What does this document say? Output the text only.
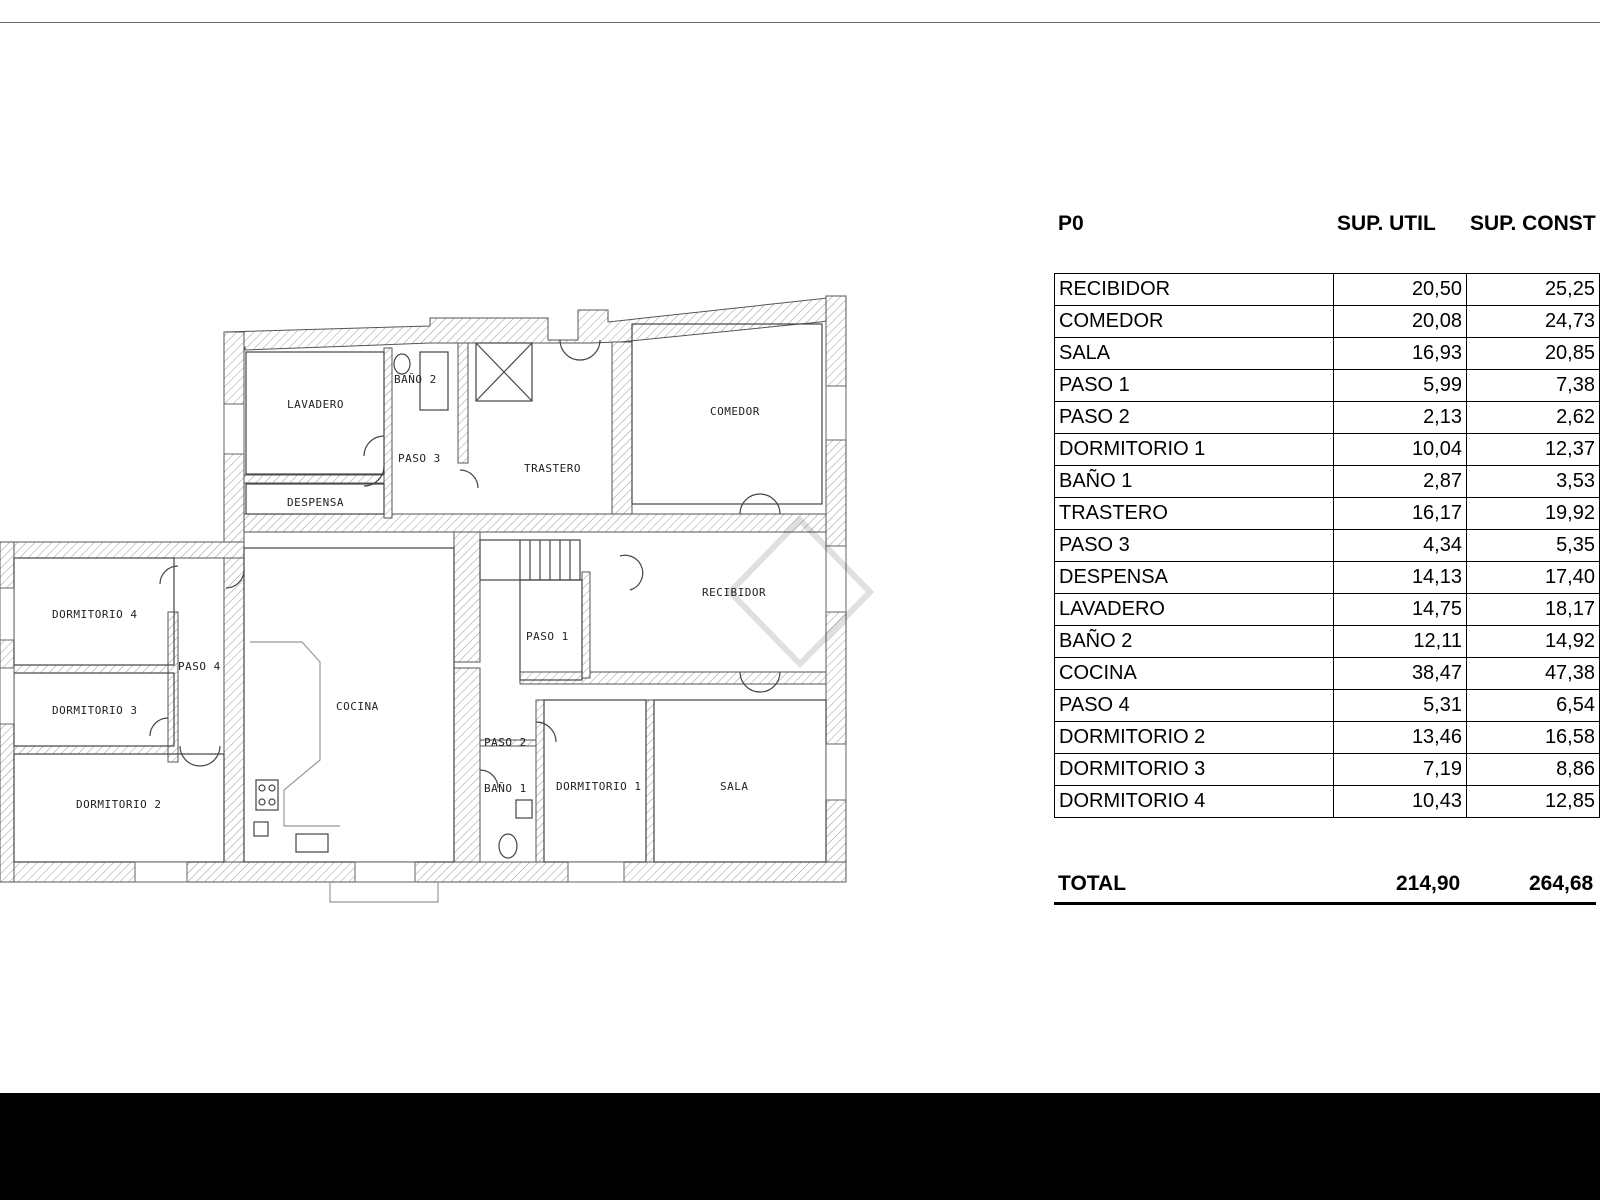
LAVADERO
BAÑO 2
PASO 3
TRASTERO
COMEDOR
DESPENSA
DORMITORIO 4
PASO 4
DORMITORIO 3
DORMITORIO 2
COCINA
PASO 1
RECIBIDOR
PASO 2
BAÑO 1	DORMITORIO 1	SALA
P0	SUP. UTIL SUP. CONST
RECIBIDOR	20,50	25,25
COMEDOR	20,08	24,73
SALA	16,93	20,85
PASO 1	5,99	7,38
PASO 2	2,13	2,62
DORMITORIO 1	10,04	12,37
BAÑO 1	2,87	3,53
TRASTERO	16,17	19,92
PASO 3	4,34	5,35
DESPENSA	14,13	17,40
LAVADERO	14,75	18,17
BAÑO 2	12,11	14,92
COCINA	38,47	47,38
PASO 4	5,31	6,54
DORMITORIO 2	13,46	16,58
DORMITORIO 3	7,19	8,86
DORMITORIO 4	10,43	12,85
TOTAL	214,90	264,68
